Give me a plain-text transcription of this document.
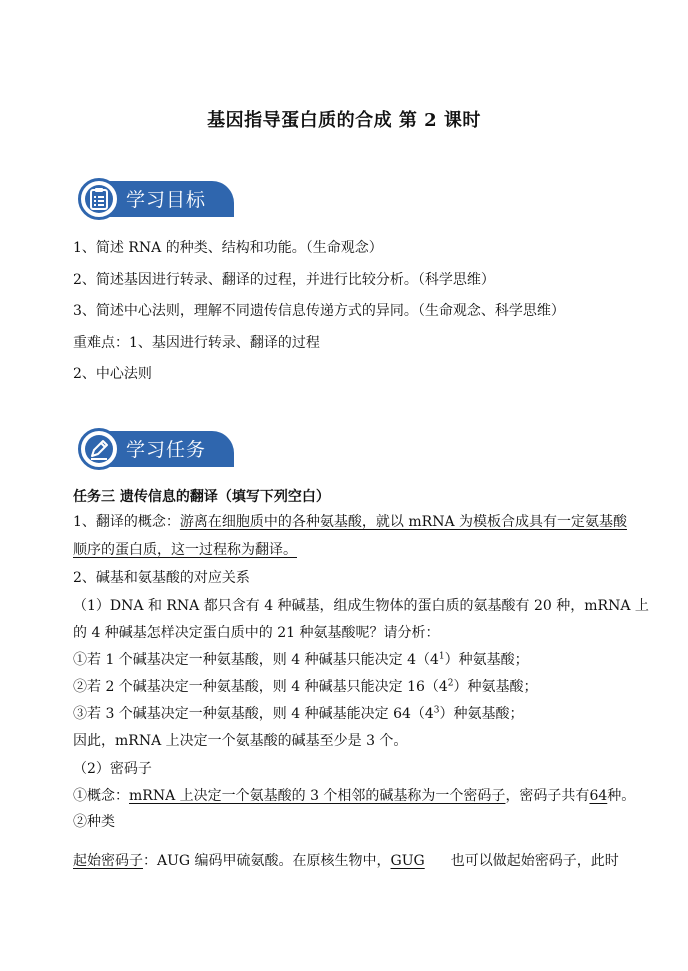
基因指导蛋白质的合成 第 2 课时
学习目标
1、简述 RNA 的种类、结构和功能。（生命观念）
2、简述基因进行转录、翻译的过程，并进行比较分析。（科学思维）
3、简述中心法则，理解不同遗传信息传递方式的异同。（生命观念、科学思维）
重难点：1、基因进行转录、翻译的过程
2、中心法则
学习任务
任务三 遗传信息的翻译（填写下列空白）
1、翻译的概念：游离在细胞质中的各种氨基酸，就以 mRNA 为模板合成具有一定氨基酸
顺序的蛋白质，这一过程称为翻译。
2、碱基和氨基酸的对应关系
（1）DNA 和 RNA 都只含有 4 种碱基，组成生物体的蛋白质的氨基酸有 20 种，mRNA 上
的 4 种碱基怎样决定蛋白质中的 21 种氨基酸呢？请分析：
①若 1 个碱基决定一种氨基酸，则 4 种碱基只能决定 $4(4^1)$种氨基酸；
②若 2 个碱基决定一种氨基酸，则 4 种碱基只能决定 $16(4^2)$种氨基酸；
③若 3 个碱基决定一种氨基酸，则 4 种碱基能决定 $64(4^3)$种氨基酸；
因此，mRNA 上决定一个氨基酸的碱基至少是 3 个。
（2）密码子
①概念：mRNA 上决定一个氨基酸的 3 个相邻的碱基称为一个密码子，密码子共有64种。
②种类
起始密码子：AUG 编码甲硫氨酸。在原核生物中，GUG 也可以做起始密码子，此时
